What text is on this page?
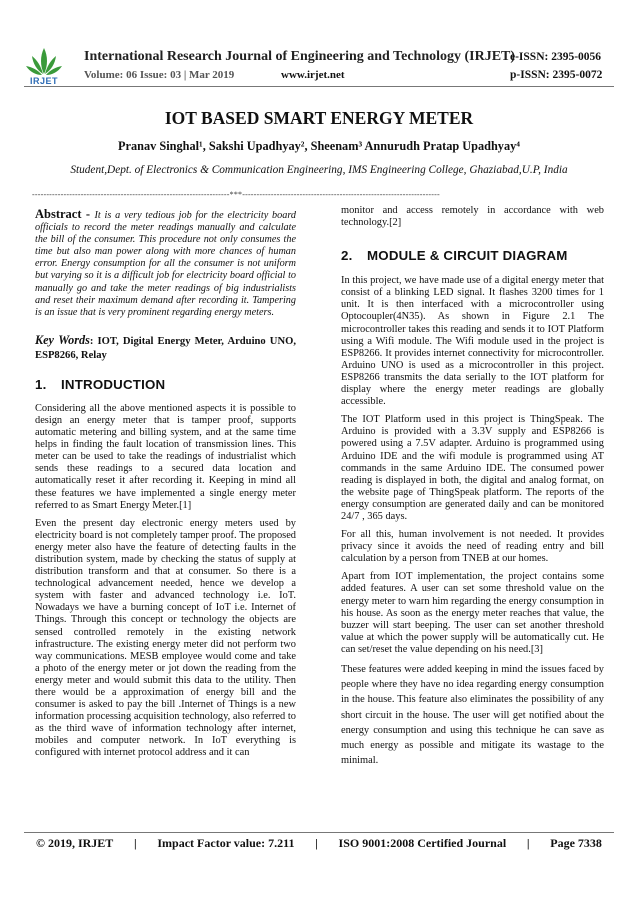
IRJET
International Research Journal of Engineering and Technology (IRJET)
e-ISSN: 2395-0056
Volume: 06 Issue: 03 | Mar 2019	www.irjet.net	p-ISSN: 2395-0072
IOT BASED SMART ENERGY METER
Pranav Singhal¹, Sakshi Upadhyay², Sheenam³ Annurudh Pratap Upadhyay⁴
Student,Dept. of Electronics & Communication Engineering, IMS Engineering College, Ghaziabad,U.P, India
---------------------------------------------------------------------***---------------------------------------------------------------------

Abstract - It is a very tedious job for the electricity board officials to record the meter readings manually and calculate the bill of the consumer. This procedure not only consumes the time but also man power along with more chances of human error. Energy consumption for all the consumer is not uniform but varying so it is a difficult job for electricity board official to manually go and take the meter readings of big industrialists and reset their maximum demand after recording it. Tampering is an issue that is very prominent regarding energy meters.

Key Words: IOT, Digital Energy Meter, Arduino UNO, ESP8266, Relay
1. INTRODUCTION

Considering all the above mentioned aspects it is possible to design an energy meter that is tamper proof, supports automatic metering and billing system, and at the same time helps in finding the fault location of transmission lines. This meter can be used to take the readings of industrialist which sends these readings to a secured data location and automatically reset it after recording it. Keeping in mind all these features we have implemented a single energy meter referred to as Smart Energy Meter.[1]

Even the present day electronic energy meters used by electricity board is not completely tamper proof. The proposed energy meter also have the feature of detecting faults in the distribution system, made by checking the status of supply at distribution transform and that at consumer. So there is a technological advancement needed, hence we develop a system with faster and advanced technology i.e. IoT. Nowadays we have a burning concept of IoT i.e. Internet of Things. Through this concept or technology the objects are sensed controlled remotely in the existing network infrastructure. The existing energy meter did not perform two way communications. MESB employee would come and take a photo of the energy meter or jot down the reading from the energy meter and would submit this data to the utility. Then there would be a approximation of energy bill and the consumer is asked to pay the bill .Internet of Things is a new information processing acquisition technology, also referred to as the third wave of information technology after internet, mobiles and computer network. In IoT everything is configured with internet protocol address and it can

monitor and access remotely in accordance with web technology.[2]

2. MODULE & CIRCUIT DIAGRAM

In this project, we have made use of a digital energy meter that consist of a blinking LED signal. It flashes 3200 times for 1 unit. It is then interfaced with a microcontroller using Optocoupler(4N35). As shown in Figure 2.1 The microcontroller takes this reading and sends it to IOT Platform using a Wifi module. The Wifi module used in the project is ESP8266. It provides internet connectivity for microcontroller. Arduino UNO is used as a microcontroller in this project. ESP8266 transmits the data serially to the IOT platform for display where the energy meter readings are globally accessible.

The IOT Platform used in this project is ThingSpeak. The Arduino is provided with a 3.3V supply and ESP8266 is powered using a 7.5V adapter. Arduino is programmed using Arduino IDE and the wifi module is programmed using AT commands in the same Arduino IDE. The consumed power reading is displayed in both, the digital and analog format, on the website page of ThingSpeak platform. The reports of the energy consumption are generated daily and can be monitored 24/7 , 365 days.

For all this, human involvement is not needed. It provides privacy since it avoids the need of reading entry and bill calculation by a person from TNEB at our homes.

Apart from IOT implementation, the project contains some added features. A user can set some threshold value on the energy meter to warn him regarding the energy consumption in his house. As soon as the energy meter reaches that value, the buzzer will start beeping. The user can set another threshold value at which the power supply will be automatically cut. He can set/reset the value depending on his need.[3]

These features were added keeping in mind the issues faced by people where they have no idea regarding energy consumption in the house. This feature also eliminates the possibility of any short circuit in the house. The user will get notified about the energy consumption and using this technique he can save as much energy as possible and mitigate its wastage to the minimal.

© 2019, IRJET | Impact Factor value: 7.211 | ISO 9001:2008 Certified Journal | Page 7338
